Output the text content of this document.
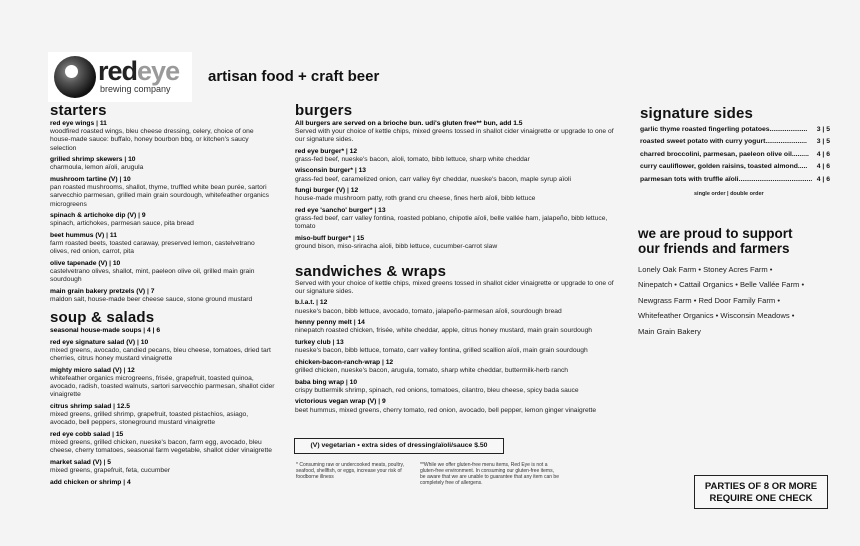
redeye
brewing company
artisan food + craft beer
starters
red eye wings | 11
woodfired roasted wings, bleu cheese dressing, celery, choice of one house-made sauce: buffalo, honey bourbon bbq, or kitchen's saucy selection
grilled shrimp skewers | 10
charmoula, lemon aïoli, arugula
mushroom tartine (V) | 10
pan roasted mushrooms, shallot, thyme, truffled white bean purée, sartori sarvecchio parmesan, grilled main grain sourdough, whitefeather organics microgreens
spinach & artichoke dip (V) | 9
spinach, artichokes, parmesan sauce, pita bread
beet hummus (V) | 11
farm roasted beets, toasted caraway, preserved lemon, castelvetrano olives, red onion, carrot, pita
olive tapenade (V) | 10
castelvetrano olives, shallot, mint, paeleon olive oil, grilled main grain sourdough
main grain bakery pretzels (V) | 7
maldon salt, house-made beer cheese sauce, stone ground mustard
soup & salads
seasonal house-made soups | 4 | 6
red eye signature salad (V) | 10
mixed greens, avocado, candied pecans, bleu cheese, tomatoes, dried tart cherries, citrus honey mustard vinaigrette
mighty micro salad (V) | 12
whitefeather organics microgreens, frisée, grapefruit, toasted quinoa, avocado, radish, toasted walnuts, sartori sarvecchio parmesan, shallot cider vinaigrette
citrus shrimp salad | 12.5
mixed greens, grilled shrimp, grapefruit, toasted pistachios, asiago, avocado, bell peppers, stoneground mustard vinaigrette
red eye cobb salad | 15
mixed greens, grilled chicken, nueske's bacon, farm egg, avocado, bleu cheese, cherry tomatoes, seasonal farm vegetable, shallot cider vinaigrette
market salad (V) | 5
mixed greens, grapefruit, feta, cucumber
add chicken or shrimp | 4
burgers
All burgers are served on a brioche bun. udi's gluten free** bun, add 1.5
Served with your choice of kettle chips, mixed greens tossed in shallot cider vinaigrette or upgrade to one of our signature sides.
red eye burger* | 12
grass-fed beef, nueske's bacon, aïoli, tomato, bibb lettuce, sharp white cheddar
wisconsin burger* | 13
grass-fed beef, caramelized onion, carr valley 6yr cheddar, nueske's bacon, maple syrup aïoli
fungi burger (V) | 12
house-made mushroom patty, roth grand cru cheese, fines herb aïoli, bibb lettuce
red eye 'sancho' burger* | 13
grass-fed beef, carr valley fontina, roasted poblano, chipotle aïoli, belle vallée ham, jalapeño, bibb lettuce, tomato
miso-buff burger* | 15
ground bison, miso-sriracha aïoli, bibb lettuce, cucumber-carrot slaw
sandwiches & wraps
Served with your choice of kettle chips, mixed greens tossed in shallot cider vinaigrette or upgrade to one of our signature sides.
b.l.a.t. | 12
nueske's bacon, bibb lettuce, avocado, tomato, jalapeño-parmesan aïoli, sourdough bread
henny penny melt | 14
ninepatch roasted chicken, frisée, white cheddar, apple, citrus honey mustard, main grain sourdough
turkey club | 13
nueske's bacon, bibb lettuce, tomato, carr valley fontina, grilled scallion aïoli, main grain sourdough
chicken-bacon-ranch-wrap | 12
grilled chicken, nueske's bacon, arugula, tomato, sharp white cheddar, buttermilk-herb ranch
baba bing wrap | 10
crispy buttermilk shrimp, spinach, red onions, tomatoes, cilantro, bleu cheese, spicy bada sauce
victorious vegan wrap (V) | 9
beet hummus, mixed greens, cherry tomato, red onion, avocado, bell pepper, lemon ginger vinaigrette
(V) vegetarian • extra sides of dressing/aïoli/sauce $.50
* Consuming raw or undercooked meats, poultry, seafood, shellfish, or eggs, increase your risk of foodborne illness
**While we offer gluten-free menu items, Red Eye is not a gluten-free environment. In consuming our gluten-free items, be aware that we are unable to guarantee that any item can be completely free of allergens.
signature sides
garlic thyme roasted fingerling potatoes.................... 3 | 5
roasted sweet potato with curry yogurt...................... 3 | 5
charred broccolini, parmesan, paeleon olive oil......... 4 | 6
curry cauliflower, golden raisins, toasted almond..... 4 | 6
parmesan tots with truffle aïoli....................................... 4 | 6
single order | double order
we are proud to support
our friends and farmers
Lonely Oak Farm • Stoney Acres Farm •
Ninepatch • Cattail Organics • Belle Vallée Farm •
Newgrass Farm • Red Door Family Farm •
Whitefeather Organics • Wisconsin Meadows •
Main Grain Bakery
PARTIES OF 8 OR MORE
REQUIRE ONE CHECK
